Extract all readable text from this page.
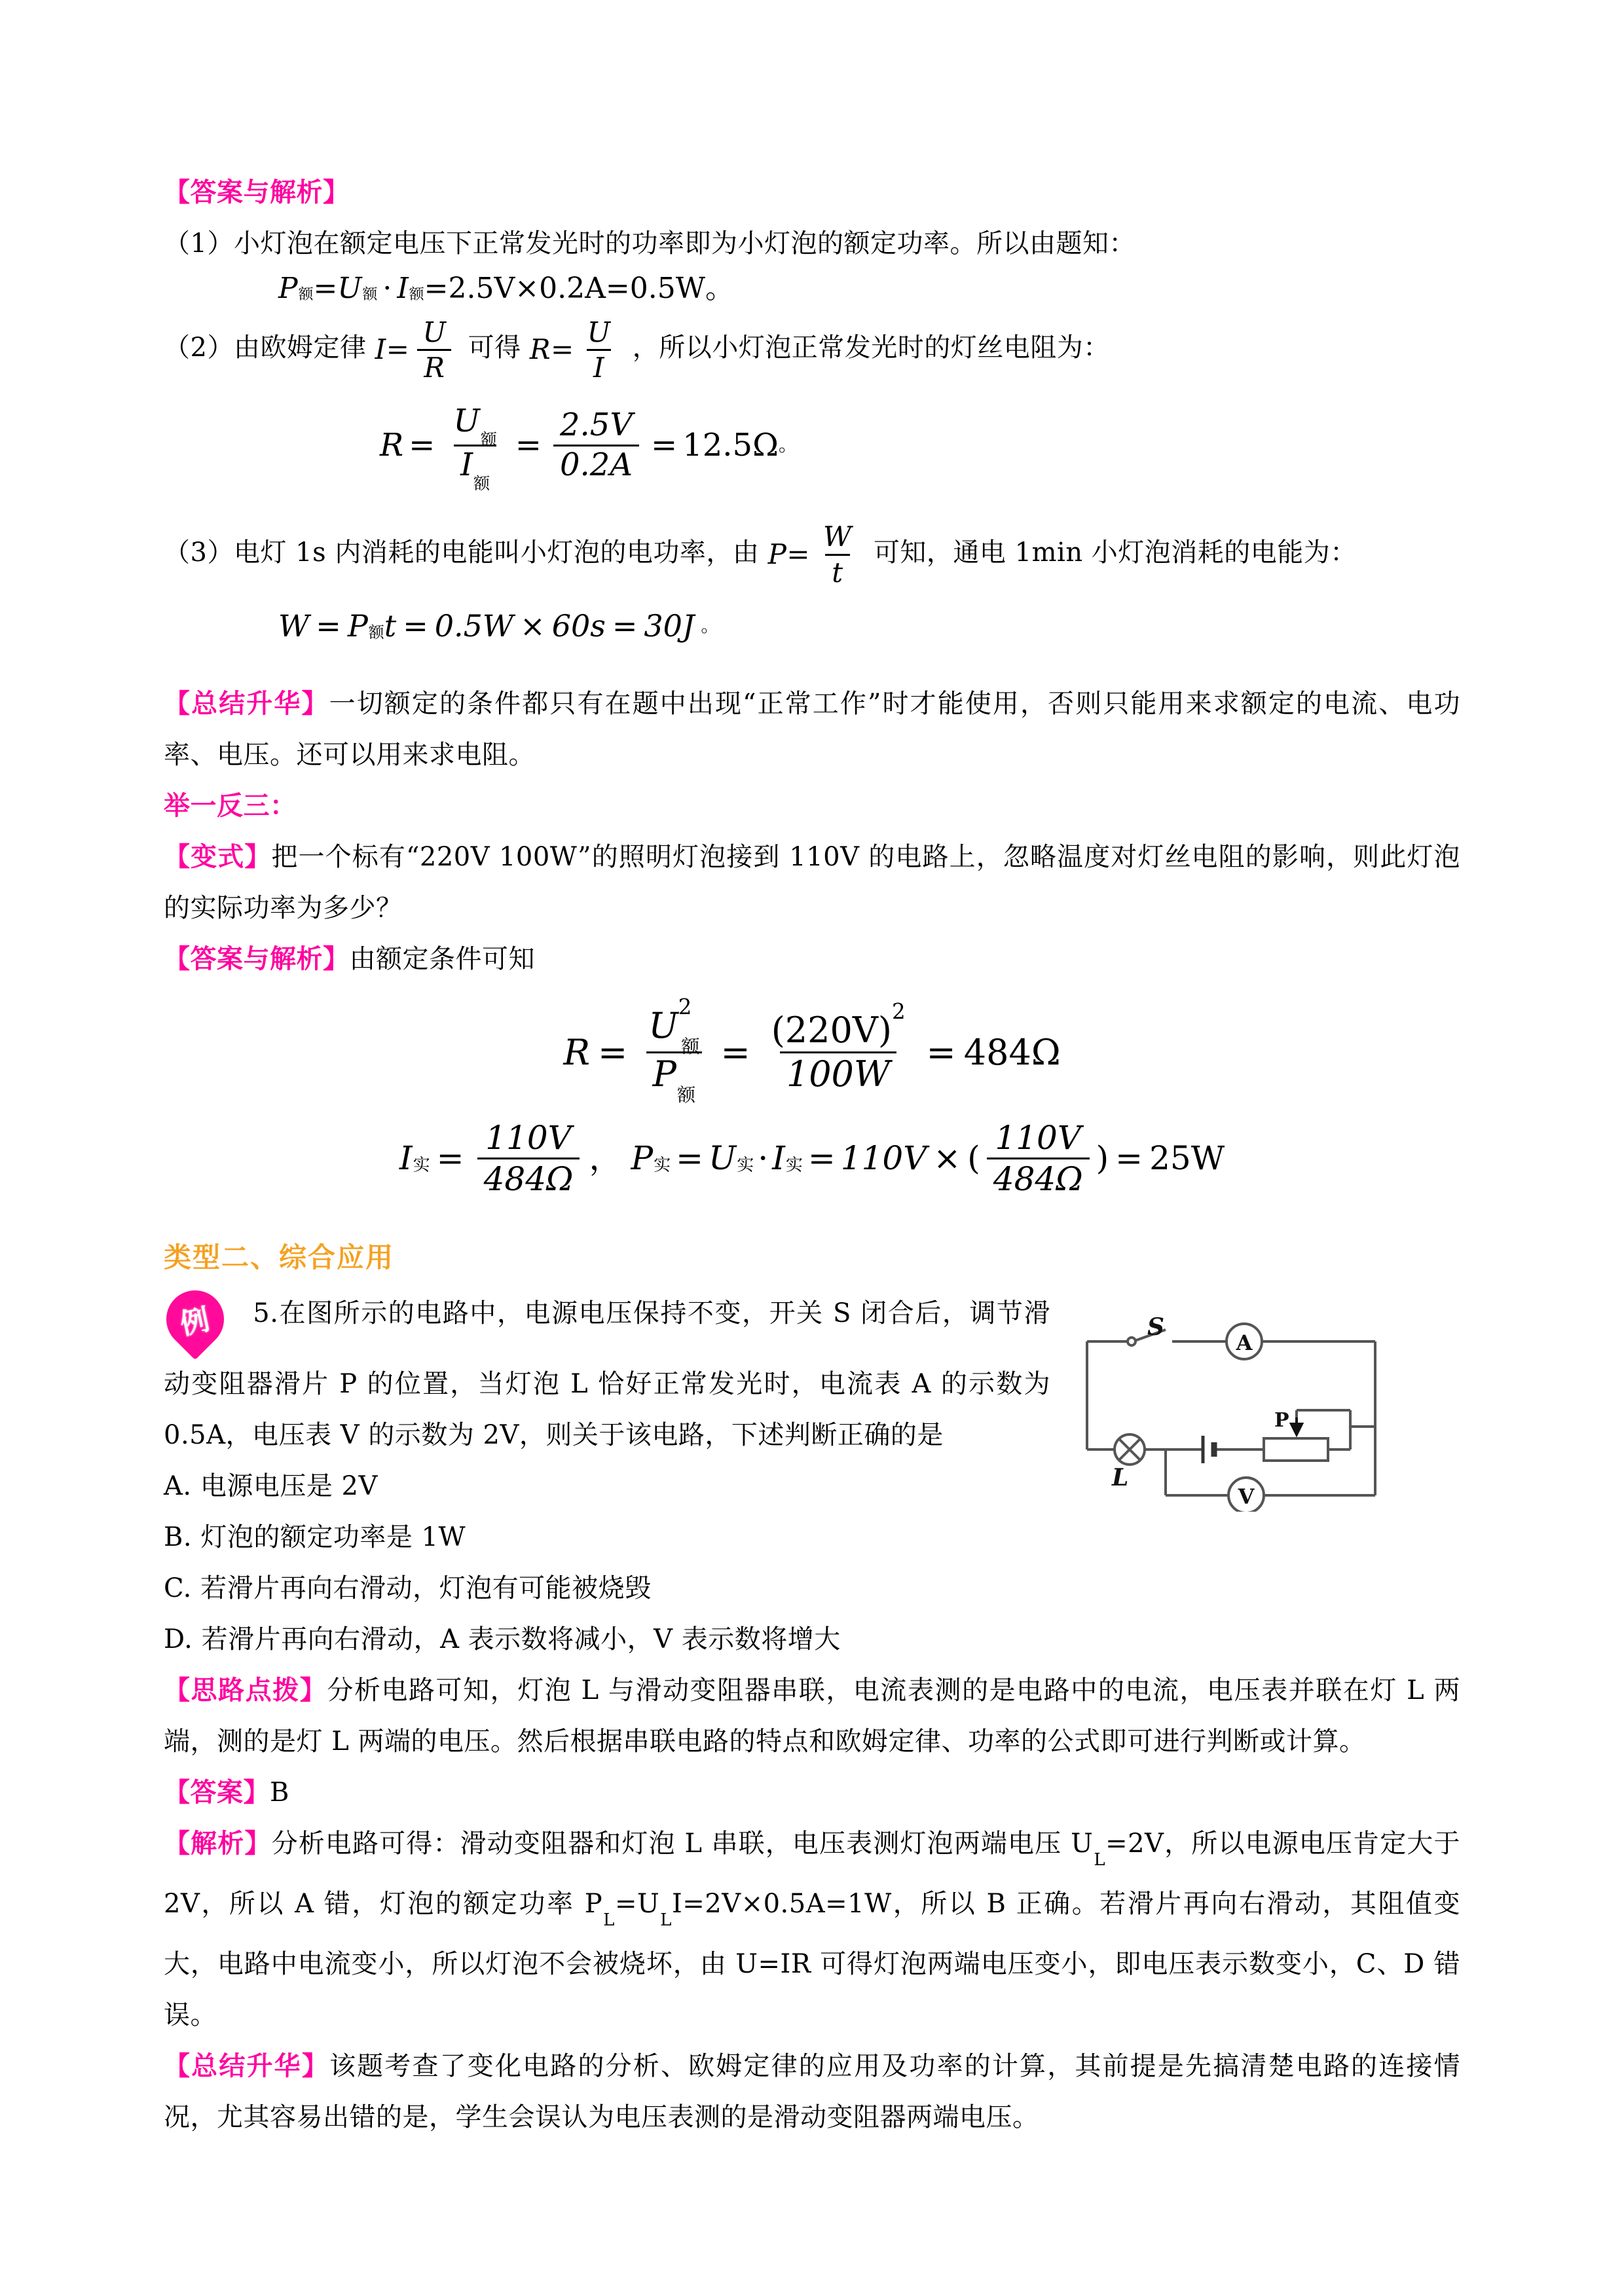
【答案与解析】

（1）小灯泡在额定电压下正常发光时的功率即为小灯泡的额定功率。所以由题知：

P 额 = U 额 · I 额 =2.5V×0.2A=0.5W。

（2）由欧姆定律 $I = \frac{U}{R}$ 可得 $R = \frac{U}{I}$ ，所以小灯泡正常发光时的灯丝电阻为：

$R = \frac{U_额}{I_额} = \frac{2.5V}{0.2A} = 12.5\Omega$ 。

（3）电灯 1s 内消耗的电能叫小灯泡的电功率，由 $P = \frac{W}{t}$ 可知，通电 1min 小灯泡消耗的电能为：

W = P 额 t = 0.5W × 60s = 30J 。

【总结升华】一切额定的条件都只有在题中出现“正常工作”时才能使用，否则只能用来求额定的电流、电功率、电压。还可以用来求电阻。

举一反三：

【变式】把一个标有“220V 100W”的照明灯泡接到 110V 的电路上，忽略温度对灯丝电阻的影响，则此灯泡的实际功率为多少？

【答案与解析】由额定条件可知

$R = \frac{U^2_额}{P_额} = \frac{(220V)^2}{100W} = 484\Omega$
I 实 = $\frac{110V}{484\Omega}$ ， P 实 = U 实 · I 实 = 110V × ( $\frac{110V}{484\Omega}$ ) = 25W

类型二、综合应用

A
V
S
L
P

例	5.在图所示的电路中，电源电压保持不变，开关 S 闭合后，调节滑动变阻器滑片 P 的位置，当灯泡 L 恰好正常发光时，电流表 A 的示数为 0.5A，电压表 V 的示数为 2V，则关于该电路，下述判断正确的是

A. 电源电压是 2V

B. 灯泡的额定功率是 1W

C. 若滑片再向右滑动，灯泡有可能被烧毁

D. 若滑片再向右滑动，A 表示数将减小，V 表示数将增大

【思路点拨】分析电路可知，灯泡 L 与滑动变阻器串联，电流表测的是电路中的电流，电压表并联在灯 L 两端，测的是灯 L 两端的电压。然后根据串联电路的特点和欧姆定律、功率的公式即可进行判断或计算。

【答案】B

【解析】分析电路可得：滑动变阻器和灯泡 L 串联，电压表测灯泡两端电压 $U_L=2V$，所以电源电压肯定大于 2V，所以 A 错，灯泡的额定功率 $P_L=U_LI=2V\times 0.5A=1W$，所以 B 正确。若滑片再向右滑动，其阻值变大，电路中电流变小，所以灯泡不会被烧坏，由 U=IR 可得灯泡两端电压变小，即电压表示数变小，C、D 错误。

【总结升华】该题考查了变化电路的分析、欧姆定律的应用及功率的计算，其前提是先搞清楚电路的连接情况，尤其容易出错的是，学生会误认为电压表测的是滑动变阻器两端电压。
